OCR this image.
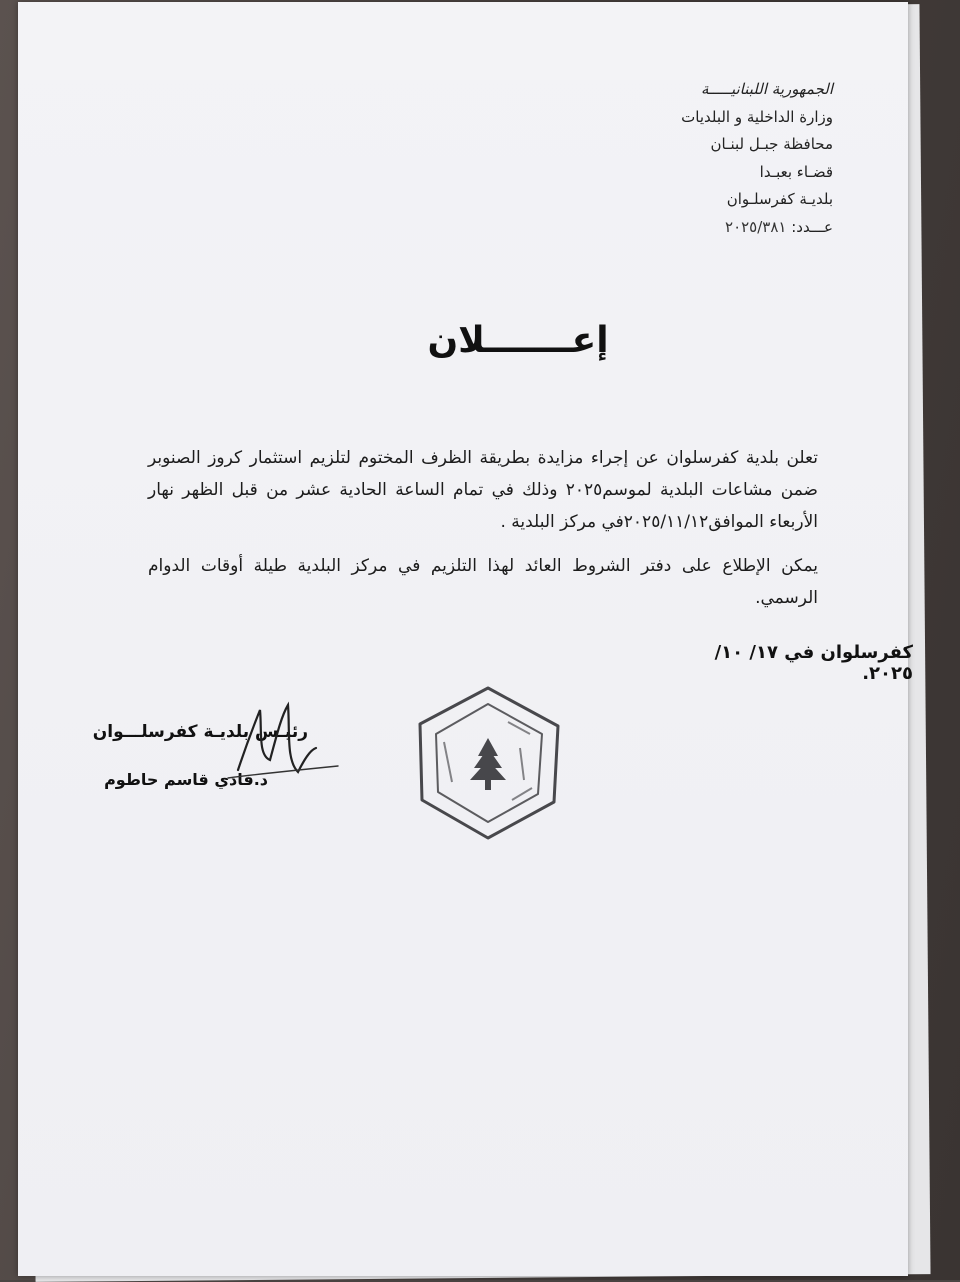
الجمهورية اللبنانيـــــة
وزارة الداخلية و البلديات
محافظة جبـل لبنـان
قضـاء بعبـدا
بلديـة كفرسلـوان
عـــدد: ٢٠٢٥/٣٨١
إعـــــــلان

تعلن بلدية كفرسلوان عن إجراء مزايدة بطريقة الظرف المختوم لتلزيم استثمار كروز الصنوبر ضمن مشاعات البلدية لموسم٢٠٢٥ وذلك في تمام الساعة الحادية عشر من قبل الظهر نهار الأربعاء الموافق٢٠٢٥/١١/١٢في مركز البلدية .

يمكن الإطلاع على دفتر الشروط العائد لهذا التلزيم في مركز البلدية طيلة أوقات الدوام الرسمي.

كفرسلوان في ١٧/ ١٠/ ٢٠٢٥.
رئيـس بلديـة كفرسلـــوان
د.فادي قاسم حاطوم
